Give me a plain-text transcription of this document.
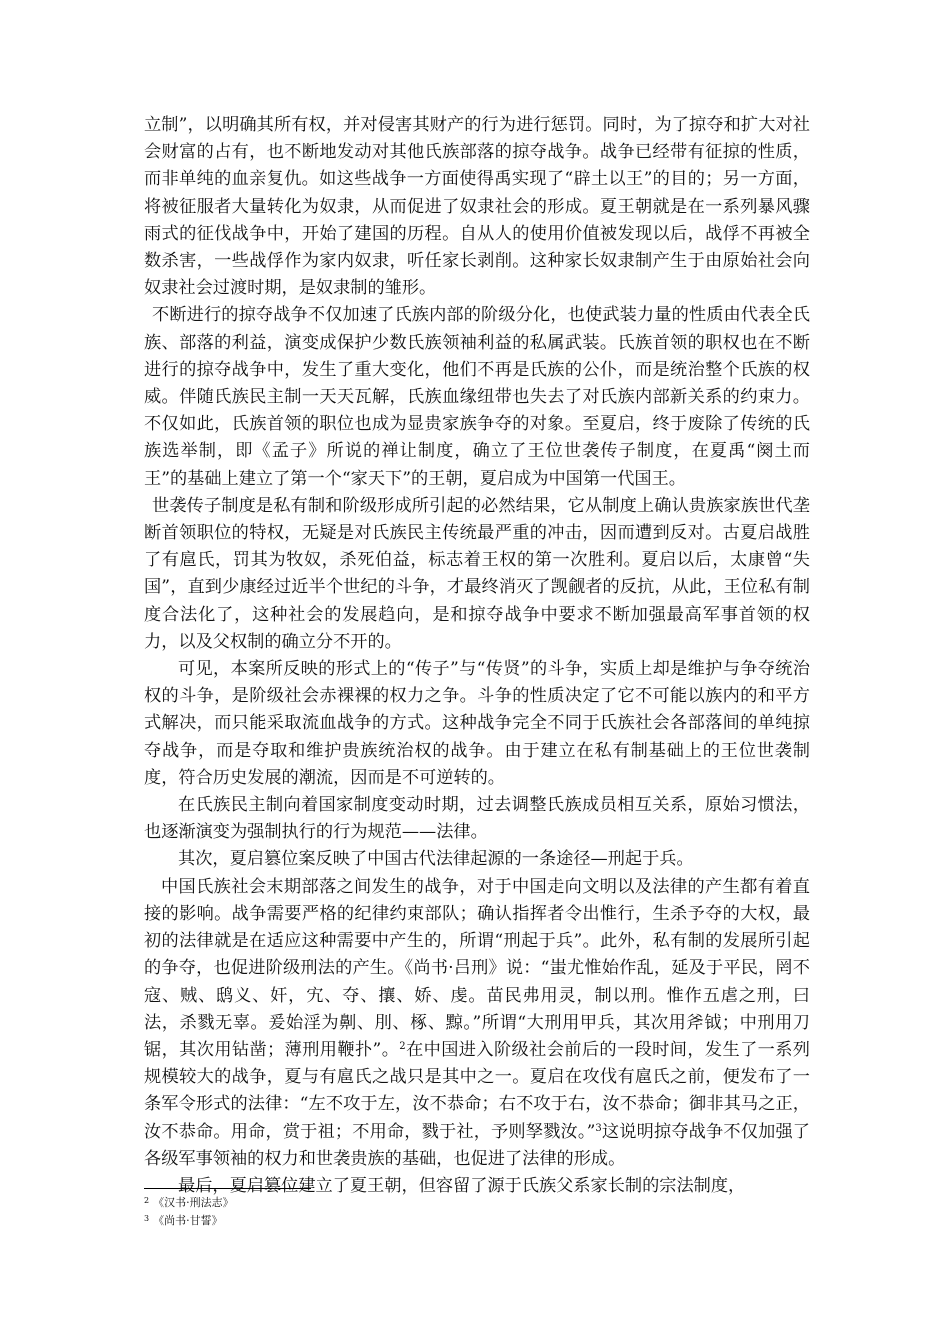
立制”，以明确其所有权，并对侵害其财产的行为进行惩罚。同时，为了掠夺和扩大对社会财富的占有，也不断地发动对其他氏族部落的掠夺战争。战争已经带有征掠的性质，而非单纯的血亲复仇。如这些战争一方面使得禹实现了“辟土以王”的目的；另一方面，将被征服者大量转化为奴隶，从而促进了奴隶社会的形成。夏王朝就是在一系列暴风骤雨式的征伐战争中，开始了建国的历程。自从人的使用价值被发现以后，战俘不再被全数杀害，一些战俘作为家内奴隶，听任家长剥削。这种家长奴隶制产生于由原始社会向奴隶社会过渡时期，是奴隶制的雏形。

不断进行的掠夺战争不仅加速了氏族内部的阶级分化，也使武装力量的性质由代表全氏族、部落的利益，演变成保护少数氏族领袖利益的私属武装。氏族首领的职权也在不断进行的掠夺战争中，发生了重大变化，他们不再是氏族的公仆，而是统治整个氏族的权威。伴随氏族民主制一天天瓦解，氏族血缘纽带也失去了对氏族内部新关系的约束力。不仅如此，氏族首领的职位也成为显贵家族争夺的对象。至夏启，终于废除了传统的氏族选举制，即《孟子》所说的禅让制度，确立了王位世袭传子制度，在夏禹“阕土而王”的基础上建立了第一个“家天下”的王朝，夏启成为中国第一代国王。

世袭传子制度是私有制和阶级形成所引起的必然结果，它从制度上确认贵族家族世代垄断首领职位的特权，无疑是对氏族民主传统最严重的冲击，因而遭到反对。古夏启战胜了有扈氏，罚其为牧奴，杀死伯益，标志着王权的第一次胜利。夏启以后，太康曾“失国”，直到少康经过近半个世纪的斗争，才最终消灭了觊觎者的反抗，从此，王位私有制度合法化了，这种社会的发展趋向，是和掠夺战争中要求不断加强最高军事首领的权力，以及父权制的确立分不开的。

可见，本案所反映的形式上的“传子”与“传贤”的斗争，实质上却是维护与争夺统治权的斗争，是阶级社会赤裸裸的权力之争。斗争的性质决定了它不可能以族内的和平方式解决，而只能采取流血战争的方式。这种战争完全不同于氏族社会各部落间的单纯掠夺战争，而是夺取和维护贵族统治权的战争。由于建立在私有制基础上的王位世袭制度，符合历史发展的潮流，因而是不可逆转的。

在氏族民主制向着国家制度变动时期，过去调整氏族成员相互关系，原始习惯法，也逐渐演变为强制执行的行为规范——法律。

其次，夏启篡位案反映了中国古代法律起源的一条途径—刑起于兵。

中国氏族社会末期部落之间发生的战争，对于中国走向文明以及法律的产生都有着直接的影响。战争需要严格的纪律约束部队；确认指挥者令出惟行，生杀予夺的大权，最初的法律就是在适应这种需要中产生的，所谓“刑起于兵”。此外，私有制的发展所引起的争夺，也促进阶级刑法的产生。《尚书·吕刑》说：“蚩尤惟始作乱，延及于平民，罔不寇、贼、鸱义、奸，宄、夺、攘、娇、虔。苗民弗用灵，制以刑。惟作五虐之刑，曰法，杀戮无辜。爰始淫为劓、刖、椓、黥。”所谓“大刑用甲兵，其次用斧钺；中刑用刀锯，其次用钻凿；薄刑用鞭扑”。$^2$在中国进入阶级社会前后的一段时间，发生了一系列规模较大的战争，夏与有扈氏之战只是其中之一。夏启在攻伐有扈氏之前，便发布了一条军令形式的法律：“左不攻于左，汝不恭命；右不攻于右，汝不恭命；御非其马之正，汝不恭命。用命，赏于祖；不用命，戮于社，予则孥戮汝。”$^3$这说明掠夺战争不仅加强了各级军事领袖的权力和世袭贵族的基础，也促进了法律的形成。

最后，夏启篡位建立了夏王朝，但容留了源于氏族父系家长制的宗法制度，

$^2$ 《汉书·刑法志》
$^3$ 《尚书·甘誓》
